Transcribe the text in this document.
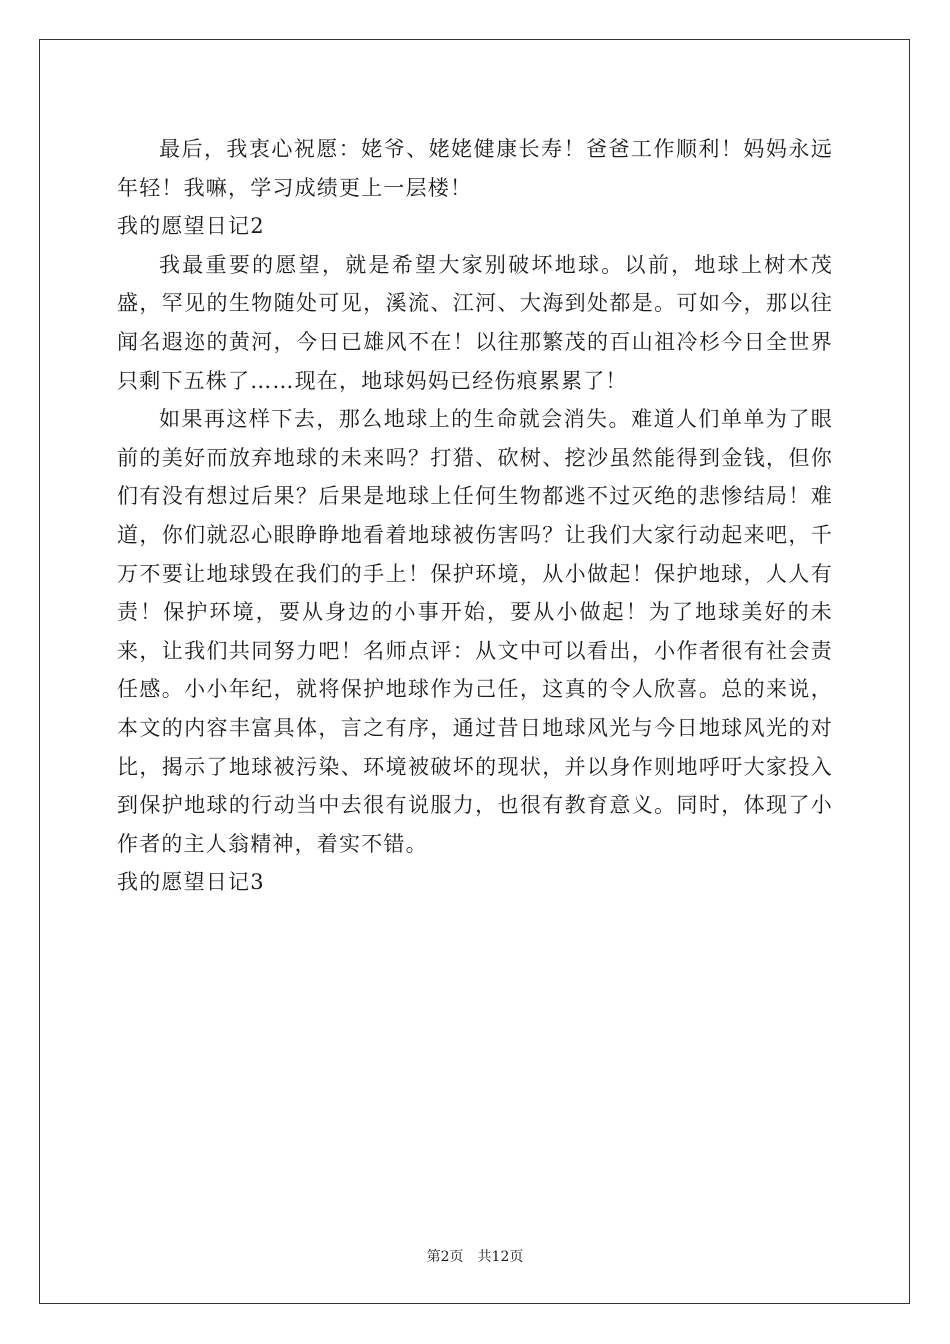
最后，我衷心祝愿：姥爷、姥姥健康长寿！爸爸工作顺利！妈妈永远年轻！我嘛，学习成绩更上一层楼！

我的愿望日记2

我最重要的愿望，就是希望大家别破坏地球。以前，地球上树木茂盛，罕见的生物随处可见，溪流、江河、大海到处都是。可如今，那以往闻名遐迩的黄河，今日已雄风不在！以往那繁茂的百山祖冷杉今日全世界只剩下五株了……现在，地球妈妈已经伤痕累累了！

如果再这样下去，那么地球上的生命就会消失。难道人们单单为了眼前的美好而放弃地球的未来吗？打猎、砍树、挖沙虽然能得到金钱，但你们有没有想过后果？后果是地球上任何生物都逃不过灭绝的悲惨结局！难道，你们就忍心眼睁睁地看着地球被伤害吗？让我们大家行动起来吧，千万不要让地球毁在我们的手上！保护环境，从小做起！保护地球，人人有责！保护环境，要从身边的小事开始，要从小做起！为了地球美好的未来，让我们共同努力吧！名师点评：从文中可以看出，小作者很有社会责任感。小小年纪，就将保护地球作为己任，这真的令人欣喜。总的来说，本文的内容丰富具体，言之有序，通过昔日地球风光与今日地球风光的对比，揭示了地球被污染、环境被破坏的现状，并以身作则地呼吁大家投入到保护地球的行动当中去很有说服力，也很有教育意义。同时，体现了小作者的主人翁精神，着实不错。

我的愿望日记3

第2页 共12页
